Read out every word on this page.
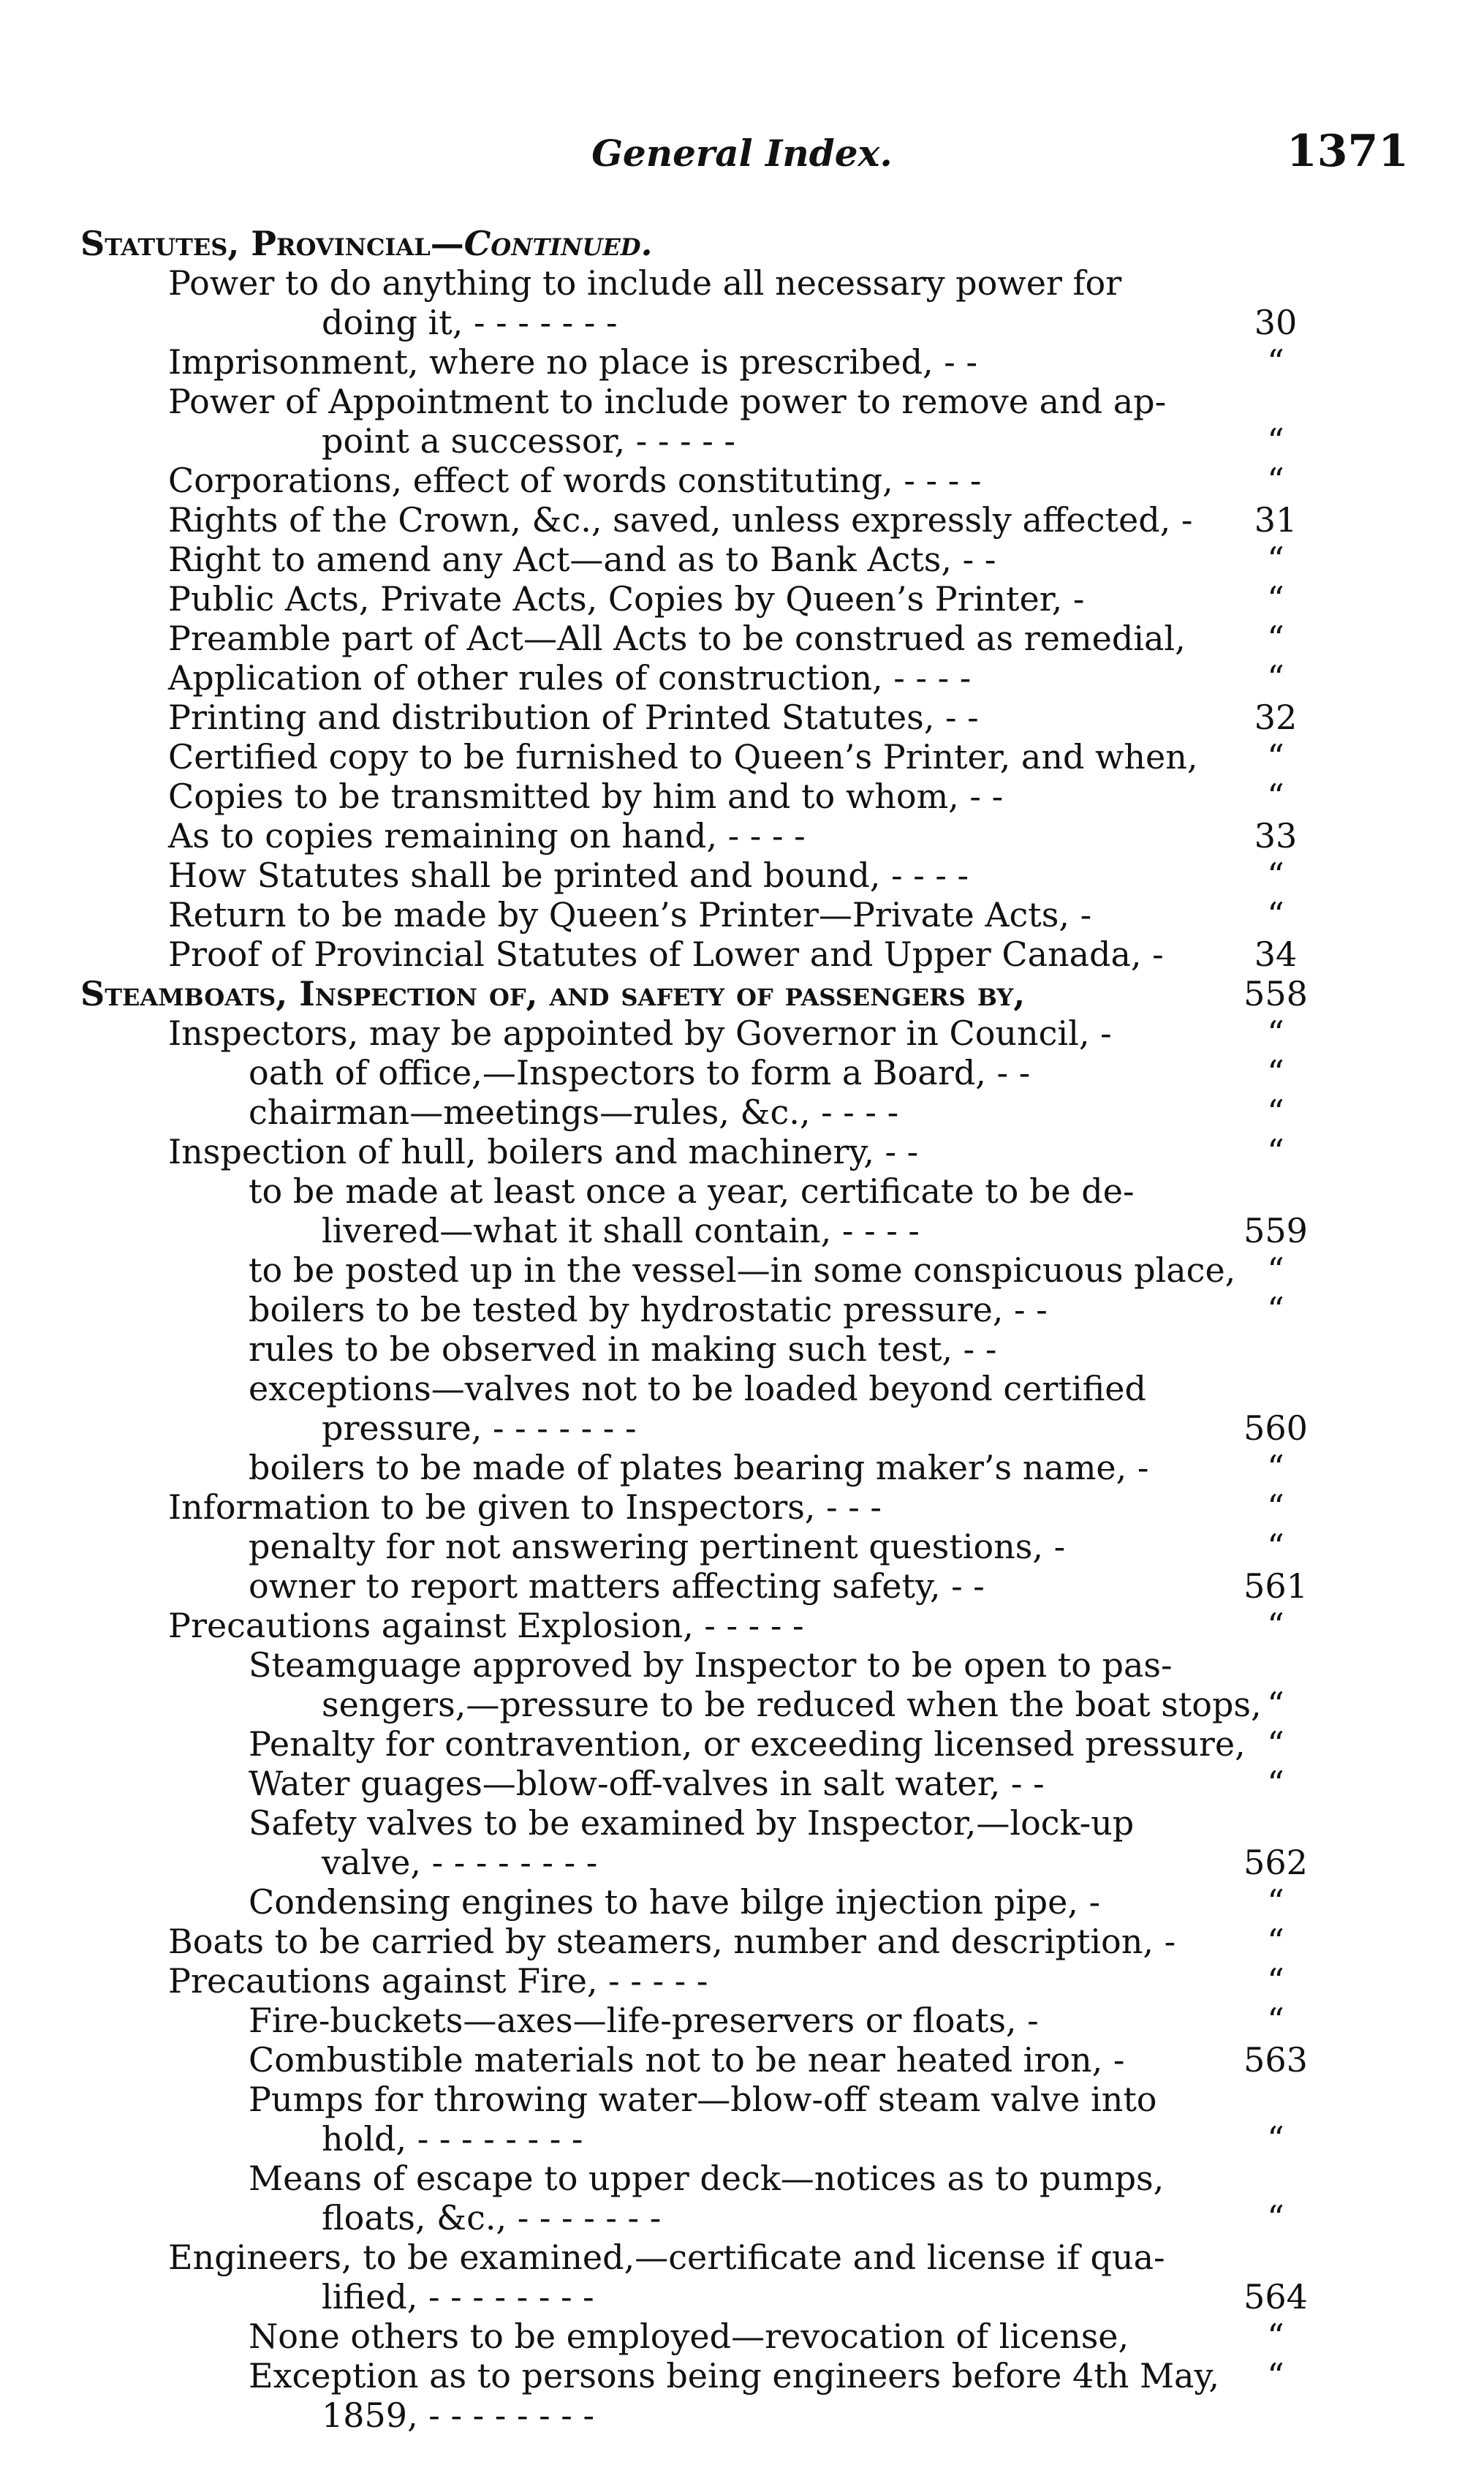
General Index.	1371
Statutes, Provincial—Continued.
Power to do anything to include all necessary power for
doing it, - - - - - - -	30
Imprisonment, where no place is prescribed, - -	“
Power of Appointment to include power to remove and ap-
point a successor, - - - - -	“
Corporations, effect of words constituting, - - - -	“
Rights of the Crown, &c., saved, unless expressly affected, -	31
Right to amend any Act—and as to Bank Acts, - -	“
Public Acts, Private Acts, Copies by Queen’s Printer, -	“
Preamble part of Act—All Acts to be construed as remedial,	“
Application of other rules of construction, - - - -	“
Printing and distribution of Printed Statutes, - -	32
Certified copy to be furnished to Queen’s Printer, and when,	“
Copies to be transmitted by him and to whom, - -	“
As to copies remaining on hand, - - - -	33
How Statutes shall be printed and bound, - - - -	“
Return to be made by Queen’s Printer—Private Acts, -	“
Proof of Provincial Statutes of Lower and Upper Canada, -	34
Steamboats, Inspection of, and safety of passengers by,	558
Inspectors, may be appointed by Governor in Council, -	“
oath of office,—Inspectors to form a Board, - -	“
chairman—meetings—rules, &c., - - - -	“
Inspection of hull, boilers and machinery, - -	“
to be made at least once a year, certificate to be de-
livered—what it shall contain, - - - -	559
to be posted up in the vessel—in some conspicuous place, “
boilers to be tested by hydrostatic pressure, - -	“
rules to be observed in making such test, - -
exceptions—valves not to be loaded beyond certified
pressure, - - - - - - -	560
boilers to be made of plates bearing maker’s name, -	“
Information to be given to Inspectors, - - -	“
penalty for not answering pertinent questions, -	“
owner to report matters affecting safety, - -	561
Precautions against Explosion, - - - - -	“
Steamguage approved by Inspector to be open to pas-
sengers,—pressure to be reduced when the boat stops, “
Penalty for contravention, or exceeding licensed pressure, “
Water guages—blow-off-valves in salt water, - -	“
Safety valves to be examined by Inspector,—lock-up
valve, - - - - - - - -	562
Condensing engines to have bilge injection pipe, -	“
Boats to be carried by steamers, number and description, -	“
Precautions against Fire, - - - - -	“
Fire-buckets—axes—life-preservers or floats, -	“
Combustible materials not to be near heated iron, -	563
Pumps for throwing water—blow-off steam valve into
hold, - - - - - - - -	“
Means of escape to upper deck—notices as to pumps,
floats, &c., - - - - - - -	“
Engineers, to be examined,—certificate and license if qua-
lified, - - - - - - - -	564
None others to be employed—revocation of license,	“
Exception as to persons being engineers before 4th May,	“
1859, - - - - - - - -
